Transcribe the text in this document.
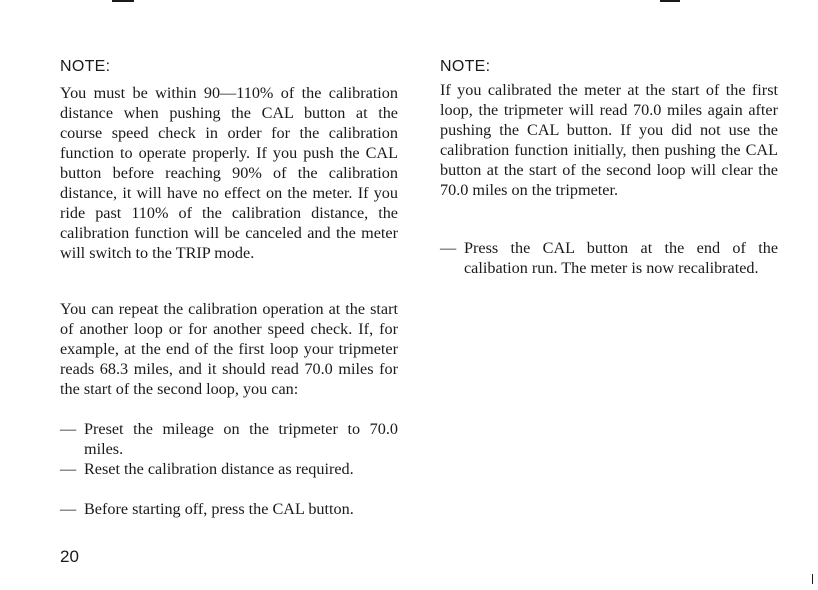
NOTE:
You must be within 90—110% of the calibration distance when pushing the CAL button at the course speed check in order for the calibration function to operate properly. If you push the CAL button before reaching 90% of the calibration distance, it will have no effect on the meter. If you ride past 110% of the calibration distance, the calibration function will be canceled and the meter will switch to the TRIP mode.
You can repeat the calibration operation at the start of another loop or for another speed check. If, for example, at the end of the first loop your tripmeter reads 68.3 miles, and it should read 70.0 miles for the start of the second loop, you can:
— Preset the mileage on the tripmeter to 70.0 miles.
— Reset the calibration distance as required.
— Before starting off, press the CAL button.
NOTE:
If you calibrated the meter at the start of the first loop, the tripmeter will read 70.0 miles again after pushing the CAL button. If you did not use the calibration function initially, then pushing the CAL button at the start of the second loop will clear the 70.0 miles on the tripmeter.
— Press the CAL button at the end of the calibation run. The meter is now recalibrated.
20
